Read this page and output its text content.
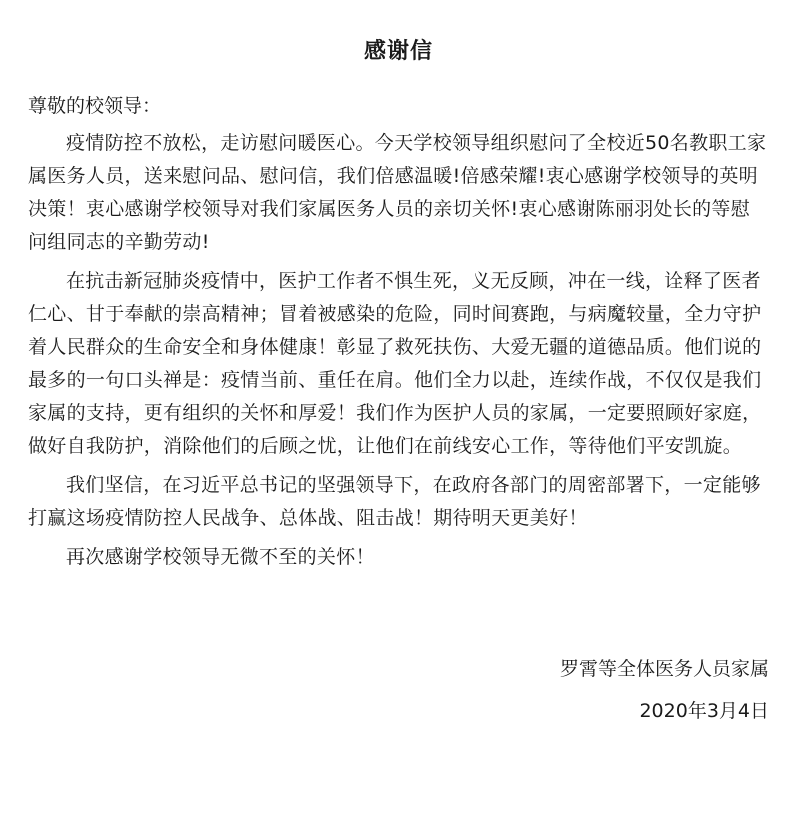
感谢信
尊敬的校领导：

疫情防控不放松，走访慰问暖医心。今天学校领导组织慰问了全校近50名教职工家属医务人员，送来慰问品、慰问信，我们倍感温暖!倍感荣耀!衷心感谢学校领导的英明决策！衷心感谢学校领导对我们家属医务人员的亲切关怀!衷心感谢陈丽羽处长的等慰问组同志的辛勤劳动!

在抗击新冠肺炎疫情中，医护工作者不惧生死，义无反顾，冲在一线，诠释了医者仁心、甘于奉献的崇高精神；冒着被感染的危险，同时间赛跑，与病魔较量，全力守护着人民群众的生命安全和身体健康！彰显了救死扶伤、大爱无疆的道德品质。他们说的最多的一句口头禅是：疫情当前、重任在肩。他们全力以赴，连续作战，不仅仅是我们家属的支持，更有组织的关怀和厚爱！我们作为医护人员的家属，一定要照顾好家庭，做好自我防护，消除他们的后顾之忧，让他们在前线安心工作，等待他们平安凯旋。

我们坚信，在习近平总书记的坚强领导下，在政府各部门的周密部署下，一定能够打赢这场疫情防控人民战争、总体战、阻击战！期待明天更美好！

再次感谢学校领导无微不至的关怀！

罗霄等全体医务人员家属
2020年3月4日
